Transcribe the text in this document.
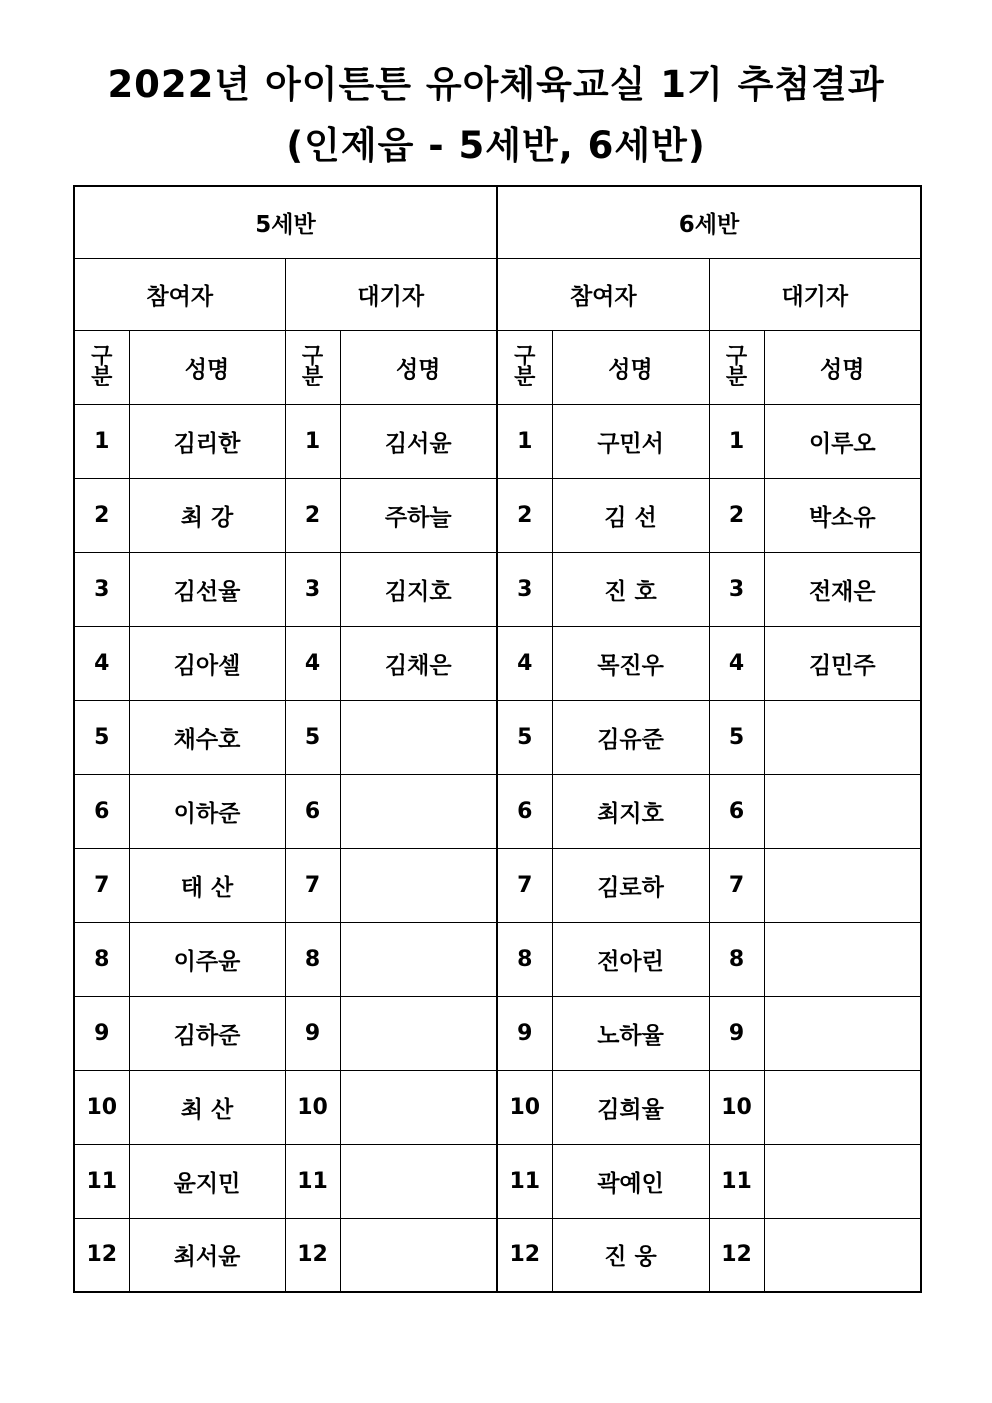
2022년 아이튼튼 유아체육교실 1기 추첨결과
(인제읍 - 5세반, 6세반)
5세반				6세반			
참여자		대기자		참여자		대기자	

구
분	성명	구
분	성명	구
분	성명	구
분	성명
1	김리한	1	김서윤	1	구민서	1	이루오
2	최 강	2	주하늘	2	김 선	2	박소유
3	김선율	3	김지호	3	진 호	3	전재은
4	김아셀	4	김채은	4	목진우	4	김민주
5	채수호	5		5	김유준	5	
6	이하준	6		6	최지호	6	
7	태 산	7		7	김로하	7	
8	이주윤	8		8	전아린	8	
9	김하준	9		9	노하율	9	
10	최 산	10		10	김희율	10	
11	윤지민	11		11	곽예인	11	
12	최서윤	12		12	진 웅	12	
